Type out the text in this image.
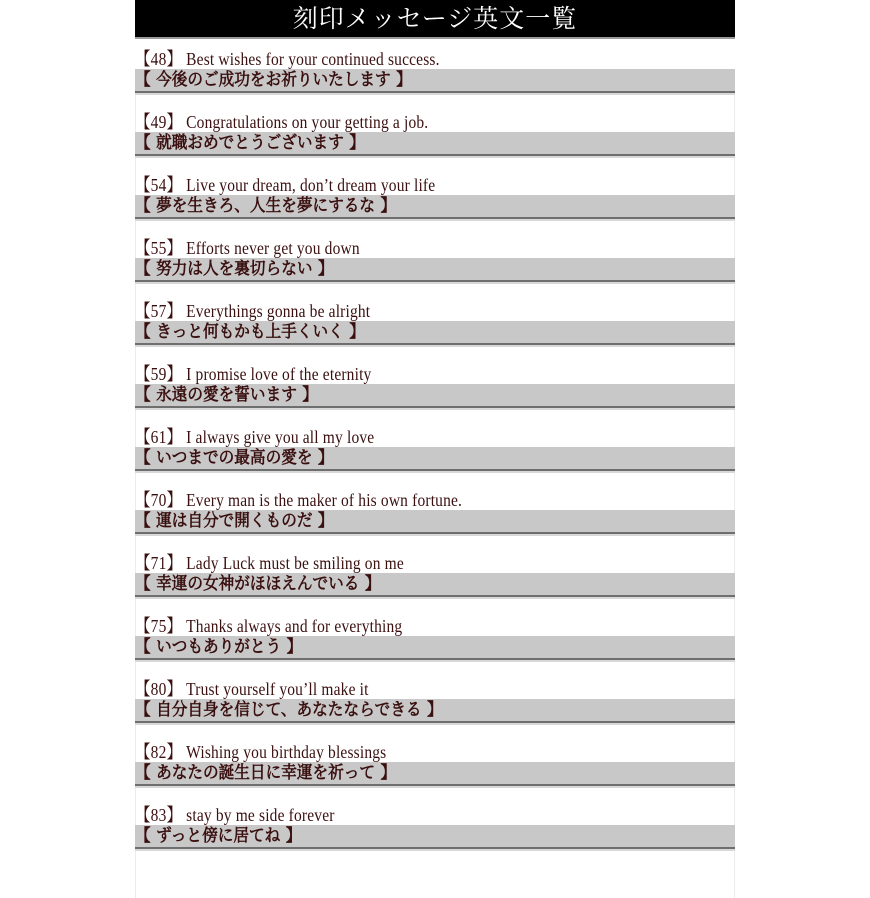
刻印メッセージ英文一覧
【48】 Best wishes for your continued success.
【 今後のご成功をお祈りいたします 】
【49】 Congratulations on your getting a job.
【 就職おめでとうございます 】
【54】 Live your dream, don’t dream your life
【 夢を生きろ、人生を夢にするな 】
【55】 Efforts never get you down
【 努力は人を裏切らない 】
【57】 Everythings gonna be alright
【 きっと何もかも上手くいく 】
【59】 I promise love of the eternity
【 永遠の愛を誓います 】
【61】 I always give you all my love
【 いつまでの最高の愛を 】
【70】 Every man is the maker of his own fortune.
【 運は自分で開くものだ 】
【71】 Lady Luck must be smiling on me
【 幸運の女神がほほえんでいる 】
【75】 Thanks always and for everything
【 いつもありがとう 】
【80】 Trust yourself you’ll make it
【 自分自身を信じて、あなたならできる 】
【82】 Wishing you birthday blessings
【 あなたの誕生日に幸運を祈って 】
【83】 stay by me side forever
【 ずっと傍に居てね 】
